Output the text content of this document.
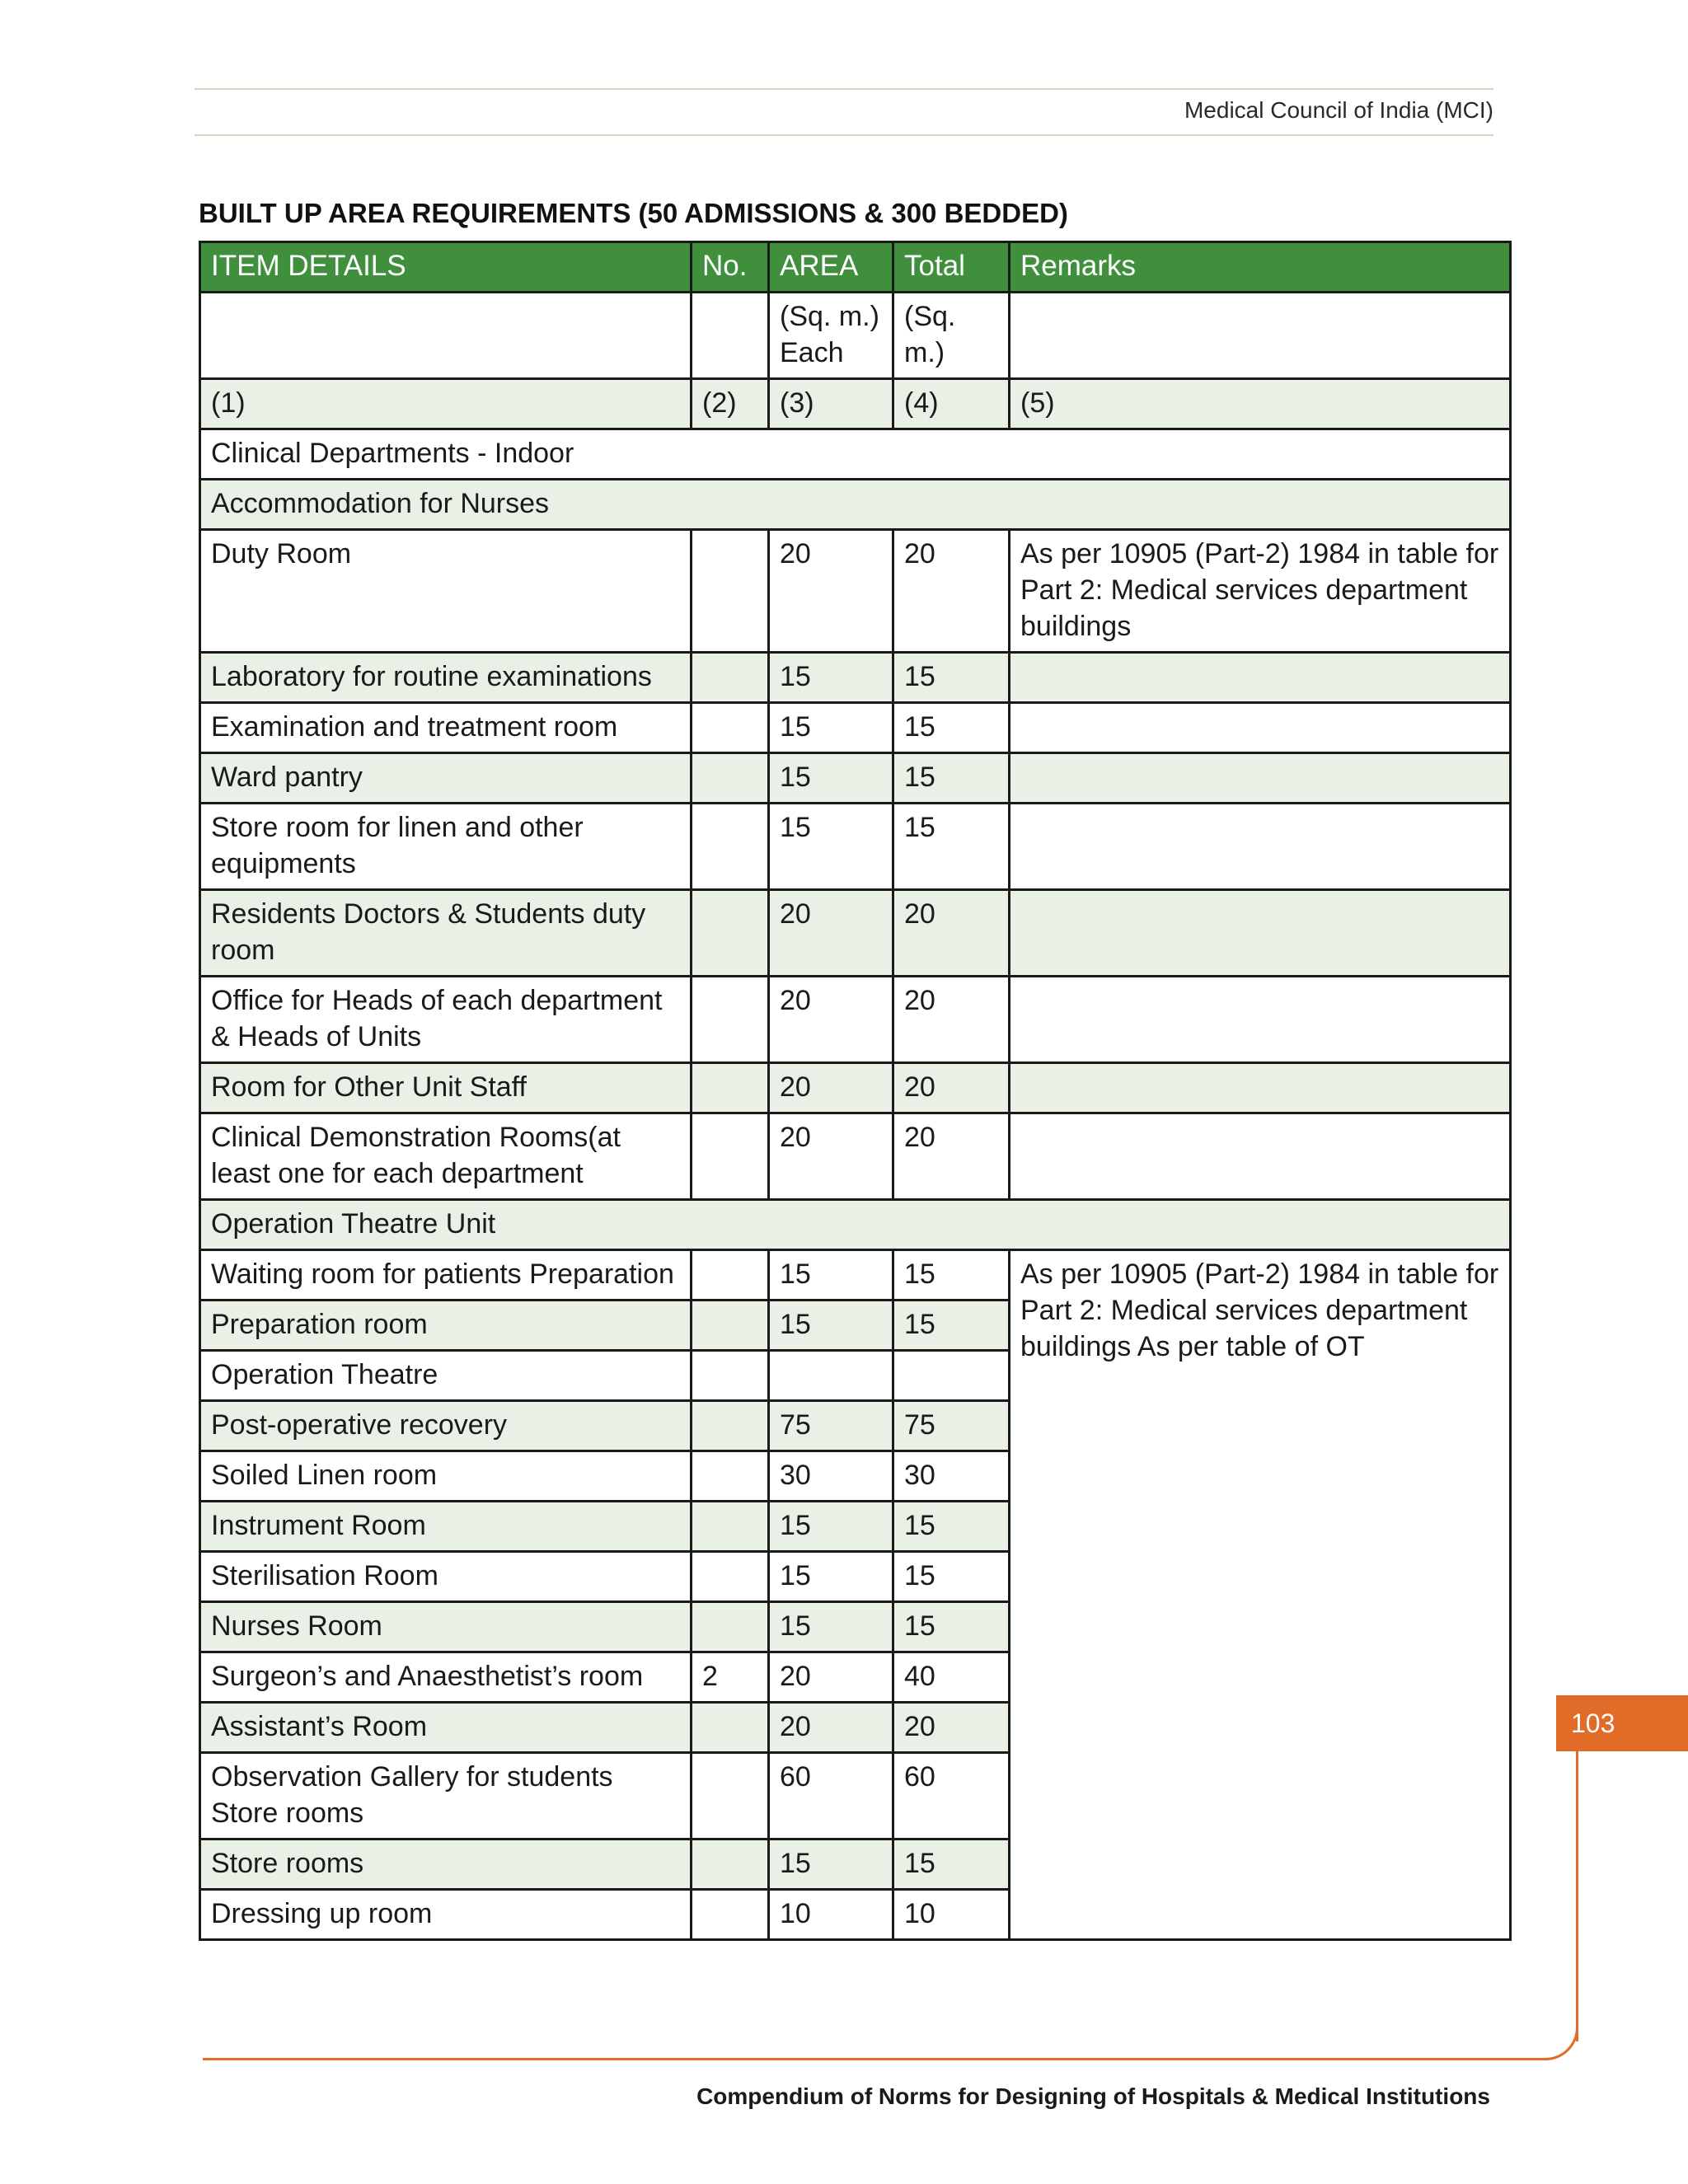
Medical Council of India (MCI)
BUILT UP AREA REQUIREMENTS (50 ADMISSIONS & 300 BEDDED)
ITEM DETAILS	No.	AREA	Total	Remarks
		(Sq. m.) Each	(Sq. m.)	
(1)	(2)	(3)	(4)	(5)
Clinical Departments - Indoor				
Accommodation for Nurses				
Duty Room		20	20	As per 10905 (Part-2) 1984 in table for Part 2: Medical services department buildings
Laboratory for routine examinations		15	15	
Examination and treatment room		15	15	
Ward pantry		15	15	
Store room for linen and other equipments		15	15	
Residents Doctors & Students duty room		20	20	
Office for Heads of each department & Heads of Units		20	20	
Room for Other Unit Staff		20	20	
Clinical Demonstration Rooms(at least one for each department		20	20	
Operation Theatre Unit				
Waiting room for patients Preparation		15	15	As per 10905 (Part-2) 1984 in table for Part 2: Medical services department buildings As per table of OT
Preparation room		15	15	
Operation Theatre				
Post-operative recovery		75	75	
Soiled Linen room		30	30	
Instrument Room		15	15	
Sterilisation Room		15	15	
Nurses Room		15	15	
Surgeon’s and Anaesthetist’s room	2	20	40	
Assistant’s Room		20	20	
Observation Gallery for students Store rooms		60	60	
Store rooms		15	15	
Dressing up room		10	10	
103
Compendium of Norms for Designing of Hospitals & Medical Institutions
